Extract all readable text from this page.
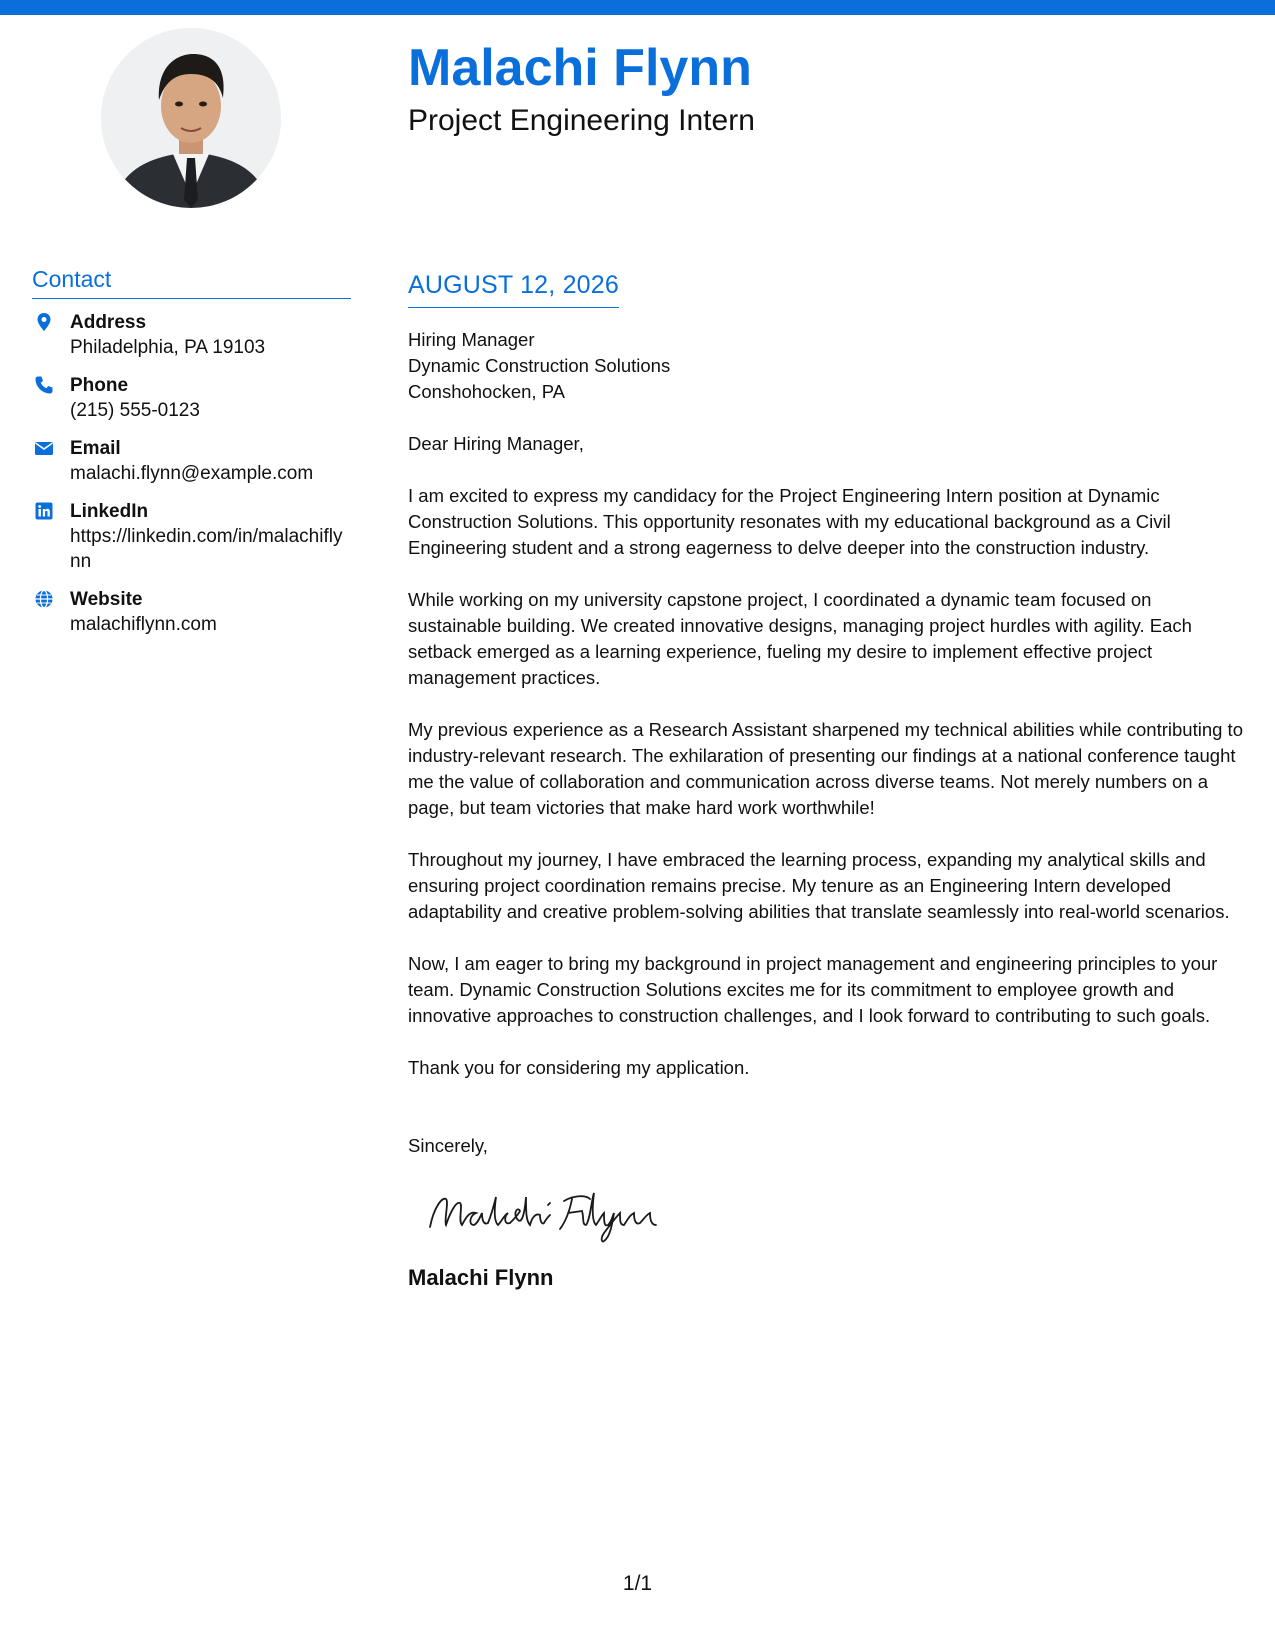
Malachi Flynn
Project Engineering Intern
Contact
Address
Philadelphia, PA 19103
Phone
(215) 555-0123
Email
malachi.flynn@example.com
LinkedIn
https://linkedin.com/in/malachiflynn
Website
malachiflynn.com
AUGUST 12, 2026

Hiring Manager
Dynamic Construction Solutions
Conshohocken, PA

Dear Hiring Manager,

I am excited to express my candidacy for the Project Engineering Intern position at Dynamic Construction Solutions. This opportunity resonates with my educational background as a Civil Engineering student and a strong eagerness to delve deeper into the construction industry.

While working on my university capstone project, I coordinated a dynamic team focused on sustainable building. We created innovative designs, managing project hurdles with agility. Each setback emerged as a learning experience, fueling my desire to implement effective project management practices.

My previous experience as a Research Assistant sharpened my technical abilities while contributing to industry-relevant research. The exhilaration of presenting our findings at a national conference taught me the value of collaboration and communication across diverse teams. Not merely numbers on a page, but team victories that make hard work worthwhile!

Throughout my journey, I have embraced the learning process, expanding my analytical skills and ensuring project coordination remains precise. My tenure as an Engineering Intern developed adaptability and creative problem-solving abilities that translate seamlessly into real-world scenarios.

Now, I am eager to bring my background in project management and engineering principles to your team. Dynamic Construction Solutions excites me for its commitment to employee growth and innovative approaches to construction challenges, and I look forward to contributing to such goals.

Thank you for considering my application.

Sincerely,
Malachi Flynn
1/1
